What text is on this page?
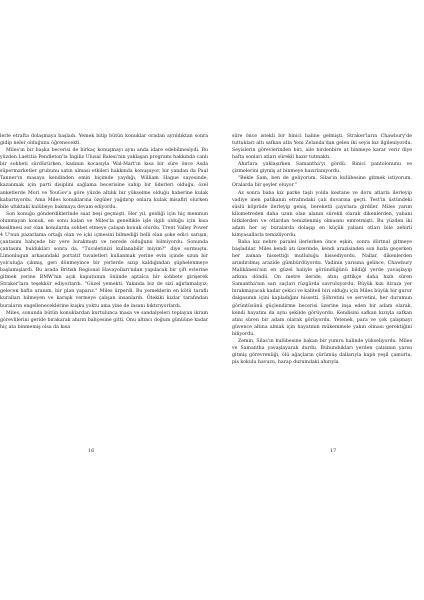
lerle etrafta dolaşmaya başladı. Yemek bitip bütün konuklar oradan ayrıldıktan sonra gidip neler olduğunu öğrenecekti.

Miles'ın bir başka becerisi de birkaç konuşmayı aynı anda idare edebilmesiydi. Bu yüzden Laetitia Pendleton'la İngiliz Ulusal Balesi'nin yaklaşan programı hakkında canlı bir sohbeti sürdürürken, kadının kocasıyla Wal-Mart'ın kısa bir süre önce Asda süpermarketler grubunu satın alması etkileri hakkında konuşuyor, bir yandan da Paul Tanner'ın masaya kendinden emin biçimde yaydığı, William Hague sayesinde, kazanmak için parti disiplini sağlama becerisine sahip bir liderleri olduğu, özel anketlerde Mori ve YouGov'a göre yüzde altılık bir yükselme olduğu haberine kulak kabartıyordu. Ama Miles konuklarına özgüler yağdırıp onlara kulak misafiri olurken bile ufuktaki kulübeye bakmaya devam ediyordu.

Son konuğu gönderdiklerinde saat beşi geçmişti. Her yıl, geldiği için hiç memnun olunmayan konuk, en sonu kalan ve Miles'la genellikle işle ilgili olduğu için kısa kesilmesi zor olan konularda sohbet etmeye çalışan konuk olurdu. Trent Valley Power 4 U'nun pazarlama ortağı olan ve içki içmesini bilmediği belli olan şoke edici sarışın, çantasını bahçede bir yere bırakmıştı ve nerede olduğunu bilmiyordu. Sonunda çantasını buldukları sonra da, "Tuvaletinizi kullanabilir miyim?" diye sormuştu. Limonlugun arkasındaki portatif tuvaletleri kullanmak yerine evin içinde uzun bir yolculuğa çıkmış, geri dönmeyince bir yerlerde sızıp kaldığından şüphelenmeye başlamışlardı. Bu arada British Regional Havayolları'ndan yapılacak bir çift evlerine gitmek yerine BMW'nin açık kaputunun önünde aptalca bir sohbete girişerek Straker'lara teşekkür ediyorlardı. "Güzel yemekti. Yakında biz de sizi ağırlamalıyız; geleceк hafta aranım, bir plan yaparız." Miles ürperdi. Bu yemeklerin en kötü taraflı kuralları bilmeyen ve karışık vermeye çalışan insanlardı. Ötekiki kızlar tarafından buraların engelleneceklerine kuşku yoktu ama yine de insanı bıktırıyorlardı.

Miles, sonunda bütün konuklardan kurtulunca masa ve sandalyeleri toplayan ikram görevlilerini geride bırakarak ahırın bahçesine gitti. Onu altıncı doğum günüüne kadar hiç ata binmemiş olsa da kısa

16

süre önce istekli bir binici haline gelmişti. Straker'ların Chawbury'de tuttukları altı safkan atla Yeni Zelanda'dan gelen iki seyis kız ilgileniyordu. Seyislerin görevlerinden biri, aile birdenbire at binmeye karar verir diye hafta sonları atları sürekli hazır tutmaktı.

Ahırlara yaklaşırken Samantha'yı gördü. Binici pantolonunu ve çizmelerini giymiş at binmeye hazırlanıyordu.

"Bekle Sam, ben de geliyorum. Silas'ın kulübesine gitmek istiyorum. Oralarda bir şeyler oluyor."

Az sonra baba kız parke taşlı yolda kestane ve doru atlarla ilerleyip vadiye inen patikanın etrafındaki çalı duvarına geçti. Test'in üstündeki süslü köprüde ilerleyip geniş, bereketli çayırlara girdiler. Miles yarım kilometreden daha uzun olan alanın sürekli olarak dikenlerden, yabani bitkilerden ve otlardan temizlenmiş olmasını emretmişti. Bu yüzden iki adam her ay buralarda dolaşıp en küçük yabani otları bile zehirli kimyasallarla temizliyordu.

Baba kız nehre paralel ilerlerken önce eşkin, sonra dörtnal gitmeye başladılar. Miles kendi atı üzerinde, kendi arazisinden son hızla geçerken her zaman hissettiği mutluluğu hissediyordu. Nallar, dikenlerden arındırılmış arazide gümbürdüyordu. Vadinin yarısına gelince, Chawbury Malikânesi'nin en güzel haliyle göründüğünü bildiği yerde yavaşlayıp arkına döndü. On metre ileride, atını gittikçe daha hızlı süren Samantha'nın sarı saçları rüzgârda savruluyordu. Büyük kızı itiraza yer bırakmayacak kadar çekici ve kaliteli biri olduğu için Miles büyük bir gurur dalgasının içini kapladığını hissetti. Şöhretini ve servetini, her durumun görüntüsünü güçlendirme becerisi üzerine inşa eden bir adam olarak, kendi hayatını da aynı şekilde görüyordu. Kendisini safkan kızıyla safkan atını süren bir adam olarak görüyordu. Yetenek, para ve çok çalışmayı güvence altına almak için hayatının mükemmele yakın olması gerektiğini biliyordu.

Zemin, Silas'ın kulübesine bakan bir yumru halinde yükseliyordu. Miles ve Samantha yavaşlayarak durdu. Buhundukları yerden çatısının yarısı gitmiş görevrenliği, ölü ağaçların çürümüş dallarıyla kaplı yeşil çamurlu, pis kokulu havuzu, harap durumdaki ahırıyla

17
